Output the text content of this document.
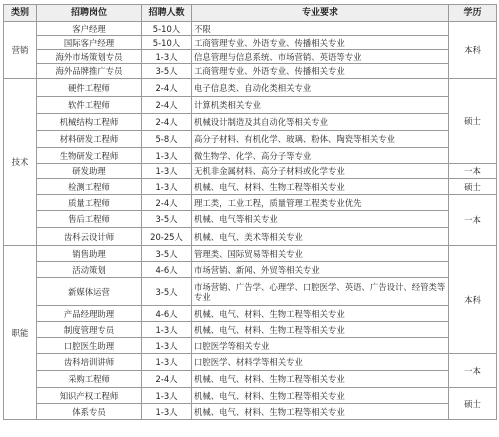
类别	招聘岗位	招聘人数	专业要求	学历
营销	客户经理	5-10人	不限	本科
	国际客户经理	5-10人	工商管理专业、外语专业、传播相关专业	
	海外市场策划专员	1-3人	信息管理与信息系统、市场营销、英语等专业	
	海外品牌推广专员	3-5人	工商管理专业、外语专业、传播相关专业	
技术	硬件工程师	2-4人	电子信息类、自动化类相关专业	硕士
	软件工程师	2-4人	计算机类相关专业	
	机械结构工程师	2-4人	机械设计制造及其自动化等相关专业	
	材料研发工程师	5-8人	高分子材料、有机化学、玻璃、粉体、陶瓷等相关专业	
	生物研发工程师	1-3人	微生物学、化学、高分子等专业	
	研发助理	1-3人	无机非金属材料、高分子材料或化学专业	一本
	检测工程师	1-3人	机械、电气、材料、生物工程等相关专业	硕士
	质量工程师	2-4人	理工类，工业工程，质量管理工程类专业优先	一本
	售后工程师	3-5人	机械、电气等相关专业	
	齿科云设计师	20-25人	机械、电气、美术等相关专业	
职能	销售助理	3-5人	管理类、国际贸易等相关专业	本科
	活动策划	4-6人	市场营销、新闻、外贸等相关专业	
	新媒体运营	3-5人	市场营销、广告学、心理学、口腔医学、英语、广告设计、经管类等专业	
	产品经理助理	4-6人	机械、电气、材料、生物工程等相关专业	
	制度管理专员	1-3人	机械、电气、材料、生物工程等相关专业	
	口腔医生助理	1-3人	口腔医学等相关专业	
	齿科培训讲师	1-3人	口腔医学、材料学等相关专业	一本
	采购工程师	2-4人	机械、电气、材料、生物工程等相关专业	
	知识产权工程师	1-3人	机械、电气、材料、生物工程等相关专业	硕士
	体系专员	1-3人	机械、电气、材料、生物工程等相关专业	
